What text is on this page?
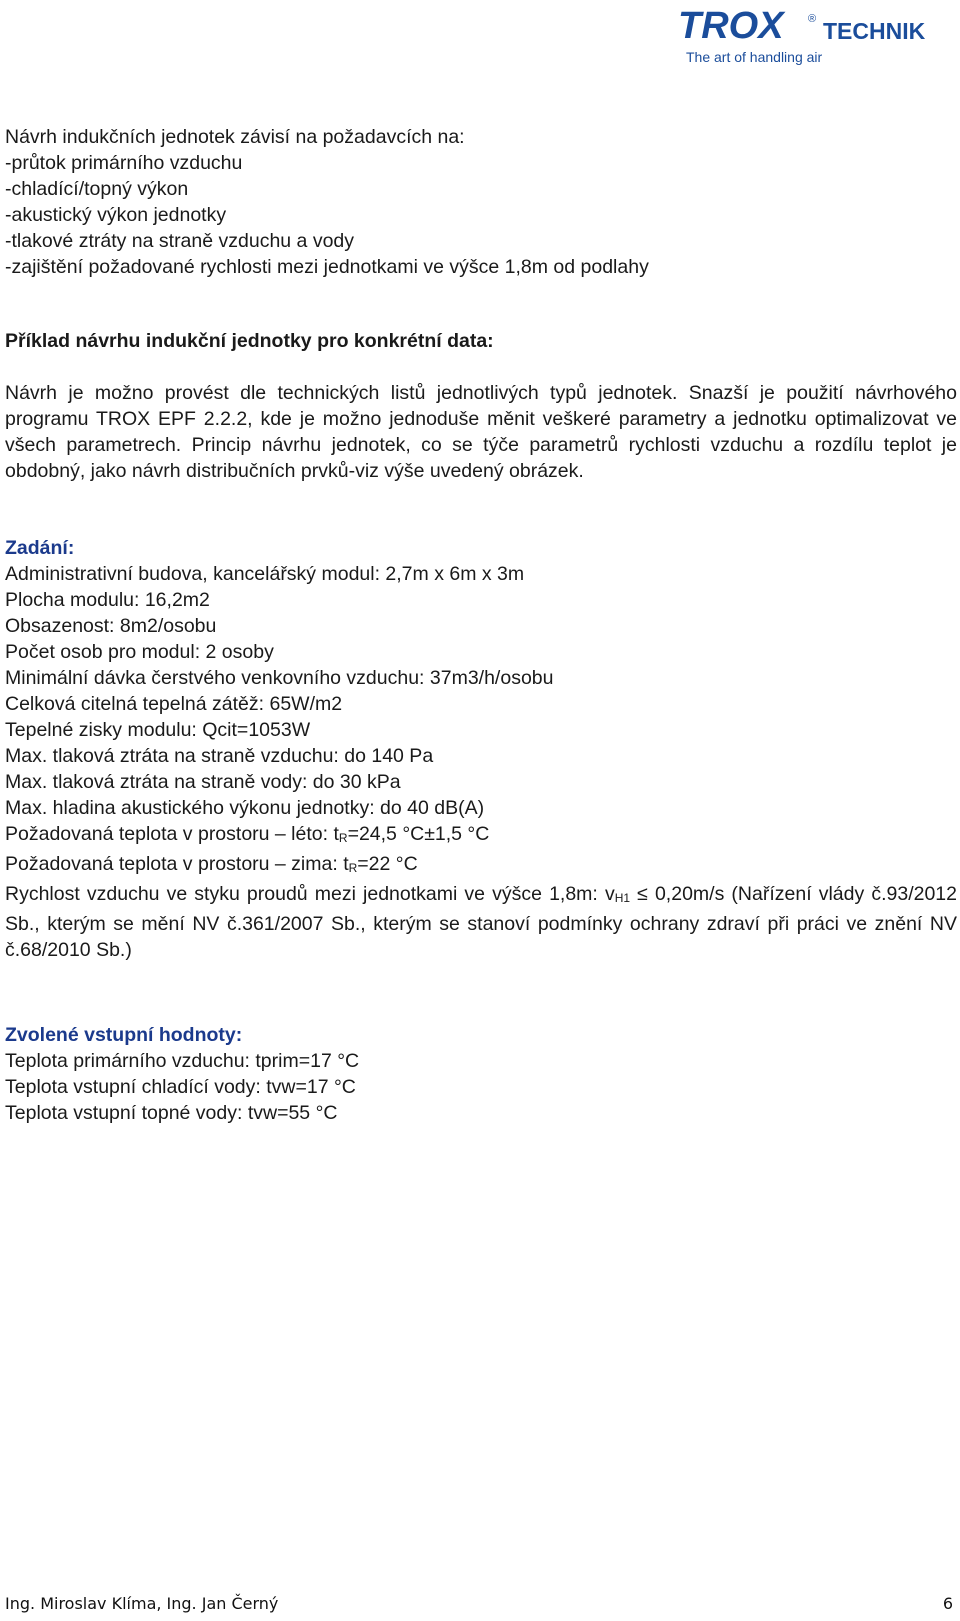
TROX ® TECHNIK
The art of handling air
Návrh indukčních jednotek závisí na požadavcích na:
-průtok primárního vzduchu
-chladící/topný výkon
-akustický výkon jednotky
-tlakové ztráty na straně vzduchu a vody
-zajištění požadované rychlosti mezi jednotkami ve výšce 1,8m od podlahy
Příklad návrhu indukční jednotky pro konkrétní data:
Návrh je možno provést dle technických listů jednotlivých typů jednotek. Snazší je použití návrhového programu TROX EPF 2.2.2, kde je možno jednoduše měnit veškeré parametry a jednotku optimalizovat ve všech parametrech. Princip návrhu jednotek, co se týče parametrů rychlosti vzduchu a rozdílu teplot je obdobný, jako návrh distribučních prvků-viz výše uvedený obrázek.
Zadání:
Administrativní budova, kancelářský modul: 2,7m x 6m x 3m
Plocha modulu: 16,2m2
Obsazenost: 8m2/osobu
Počet osob pro modul: 2 osoby
Minimální dávka čerstvého venkovního vzduchu: 37m3/h/osobu
Celková citelná tepelná zátěž: 65W/m2
Tepelné zisky modulu: Qcit=1053W
Max. tlaková ztráta na straně vzduchu: do 140 Pa
Max. tlaková ztráta na straně vody: do 30 kPa
Max. hladina akustického výkonu jednotky: do 40 dB(A)
Požadovaná teplota v prostoru – léto: tR=24,5 °C±1,5 °C
Požadovaná teplota v prostoru – zima: tR=22 °C
Rychlost vzduchu ve styku proudů mezi jednotkami ve výšce 1,8m: vH1 ≤ 0,20m/s (Nařízení vlády č.93/2012 Sb., kterým se mění NV č.361/2007 Sb., kterým se stanoví podmínky ochrany zdraví při práci ve znění NV č.68/2010 Sb.)
Zvolené vstupní hodnoty:
Teplota primárního vzduchu: tprim=17 °C
Teplota vstupní chladící vody: tvw=17 °C
Teplota vstupní topné vody: tvw=55 °C
Ing. Miroslav Klíma, Ing. Jan Černý	6
